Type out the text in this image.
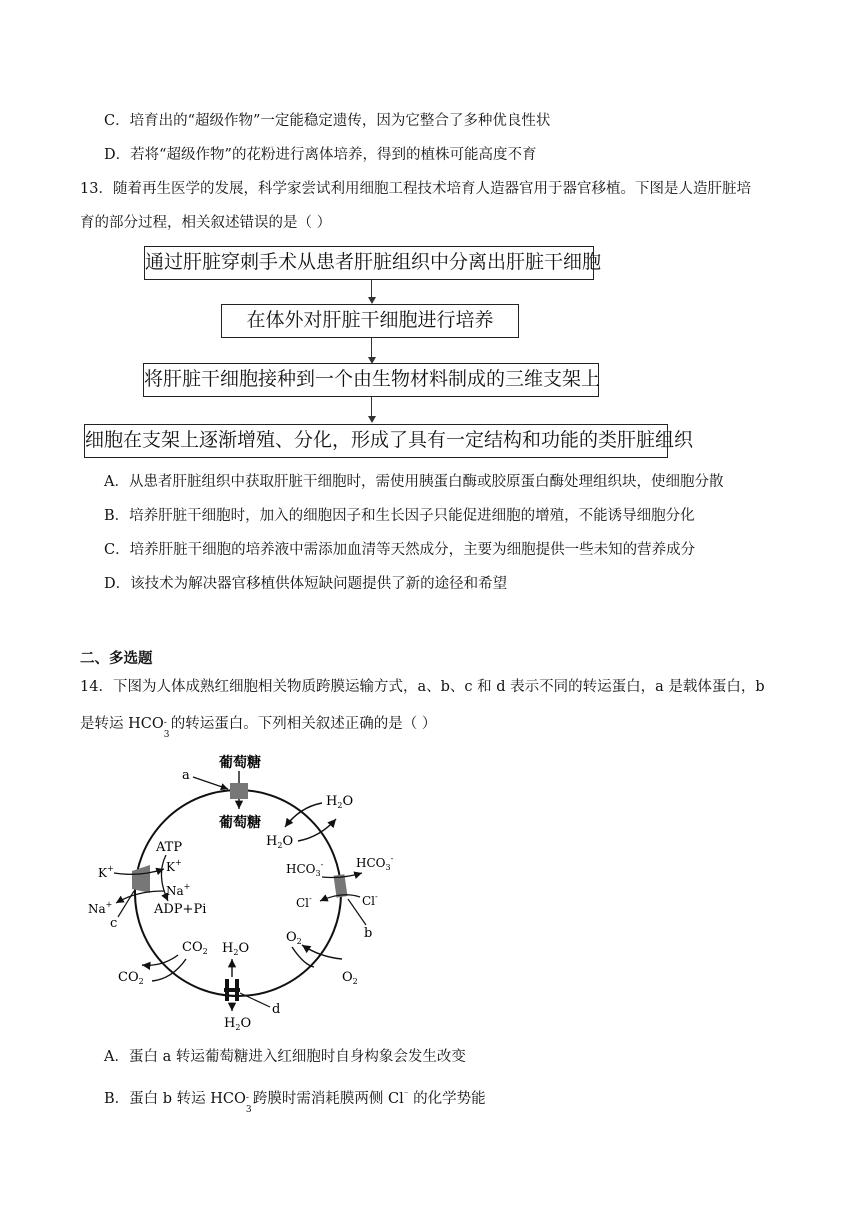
C．培育出的“超级作物”一定能稳定遗传，因为它整合了多种优良性状
D．若将“超级作物”的花粉进行离体培养，得到的植株可能高度不育
13．随着再生医学的发展，科学家尝试利用细胞工程技术培育人造器官用于器官移植。下图是人造肝脏培
育的部分过程，相关叙述错误的是（ ）
通过肝脏穿刺手术从患者肝脏组织中分离出肝脏干细胞
在体外对肝脏干细胞进行培养
将肝脏干细胞接种到一个由生物材料制成的三维支架上
细胞在支架上逐渐增殖、分化，形成了具有一定结构和功能的类肝脏组织
A．从患者肝脏组织中获取肝脏干细胞时，需使用胰蛋白酶或胶原蛋白酶处理组织块，使细胞分散
B．培养肝脏干细胞时，加入的细胞因子和生长因子只能促进细胞的增殖，不能诱导细胞分化
C．培养肝脏干细胞的培养液中需添加血清等天然成分，主要为细胞提供一些未知的营养成分
D．该技术为解决器官移植供体短缺问题提供了新的途径和希望
二、多选题
14．下图为人体成熟红细胞相关物质跨膜运输方式，a、b、c 和 d 表示不同的转运蛋白，a 是载体蛋白，b
是转运 HCO -
3
的转运蛋白。下列相关叙述正确的是（ ）
葡萄糖
葡萄糖
a
$H_2O$
$H_2O$
$HCO_3^-$	$HCO_3^-$
Cl-	Cl-
b
$O_2$
$O_2$
$H_2O$
$H_2O$
d
$CO_2$
$CO_2$
ATP
ADP+Pi
K+	K+
Na+
Na+
c
A．蛋白 a 转运葡萄糖进入红细胞时自身构象会发生改变
B．蛋白 b 转运 HCO -
3
跨膜时需消耗膜两侧 Cl⁻ 的化学势能
